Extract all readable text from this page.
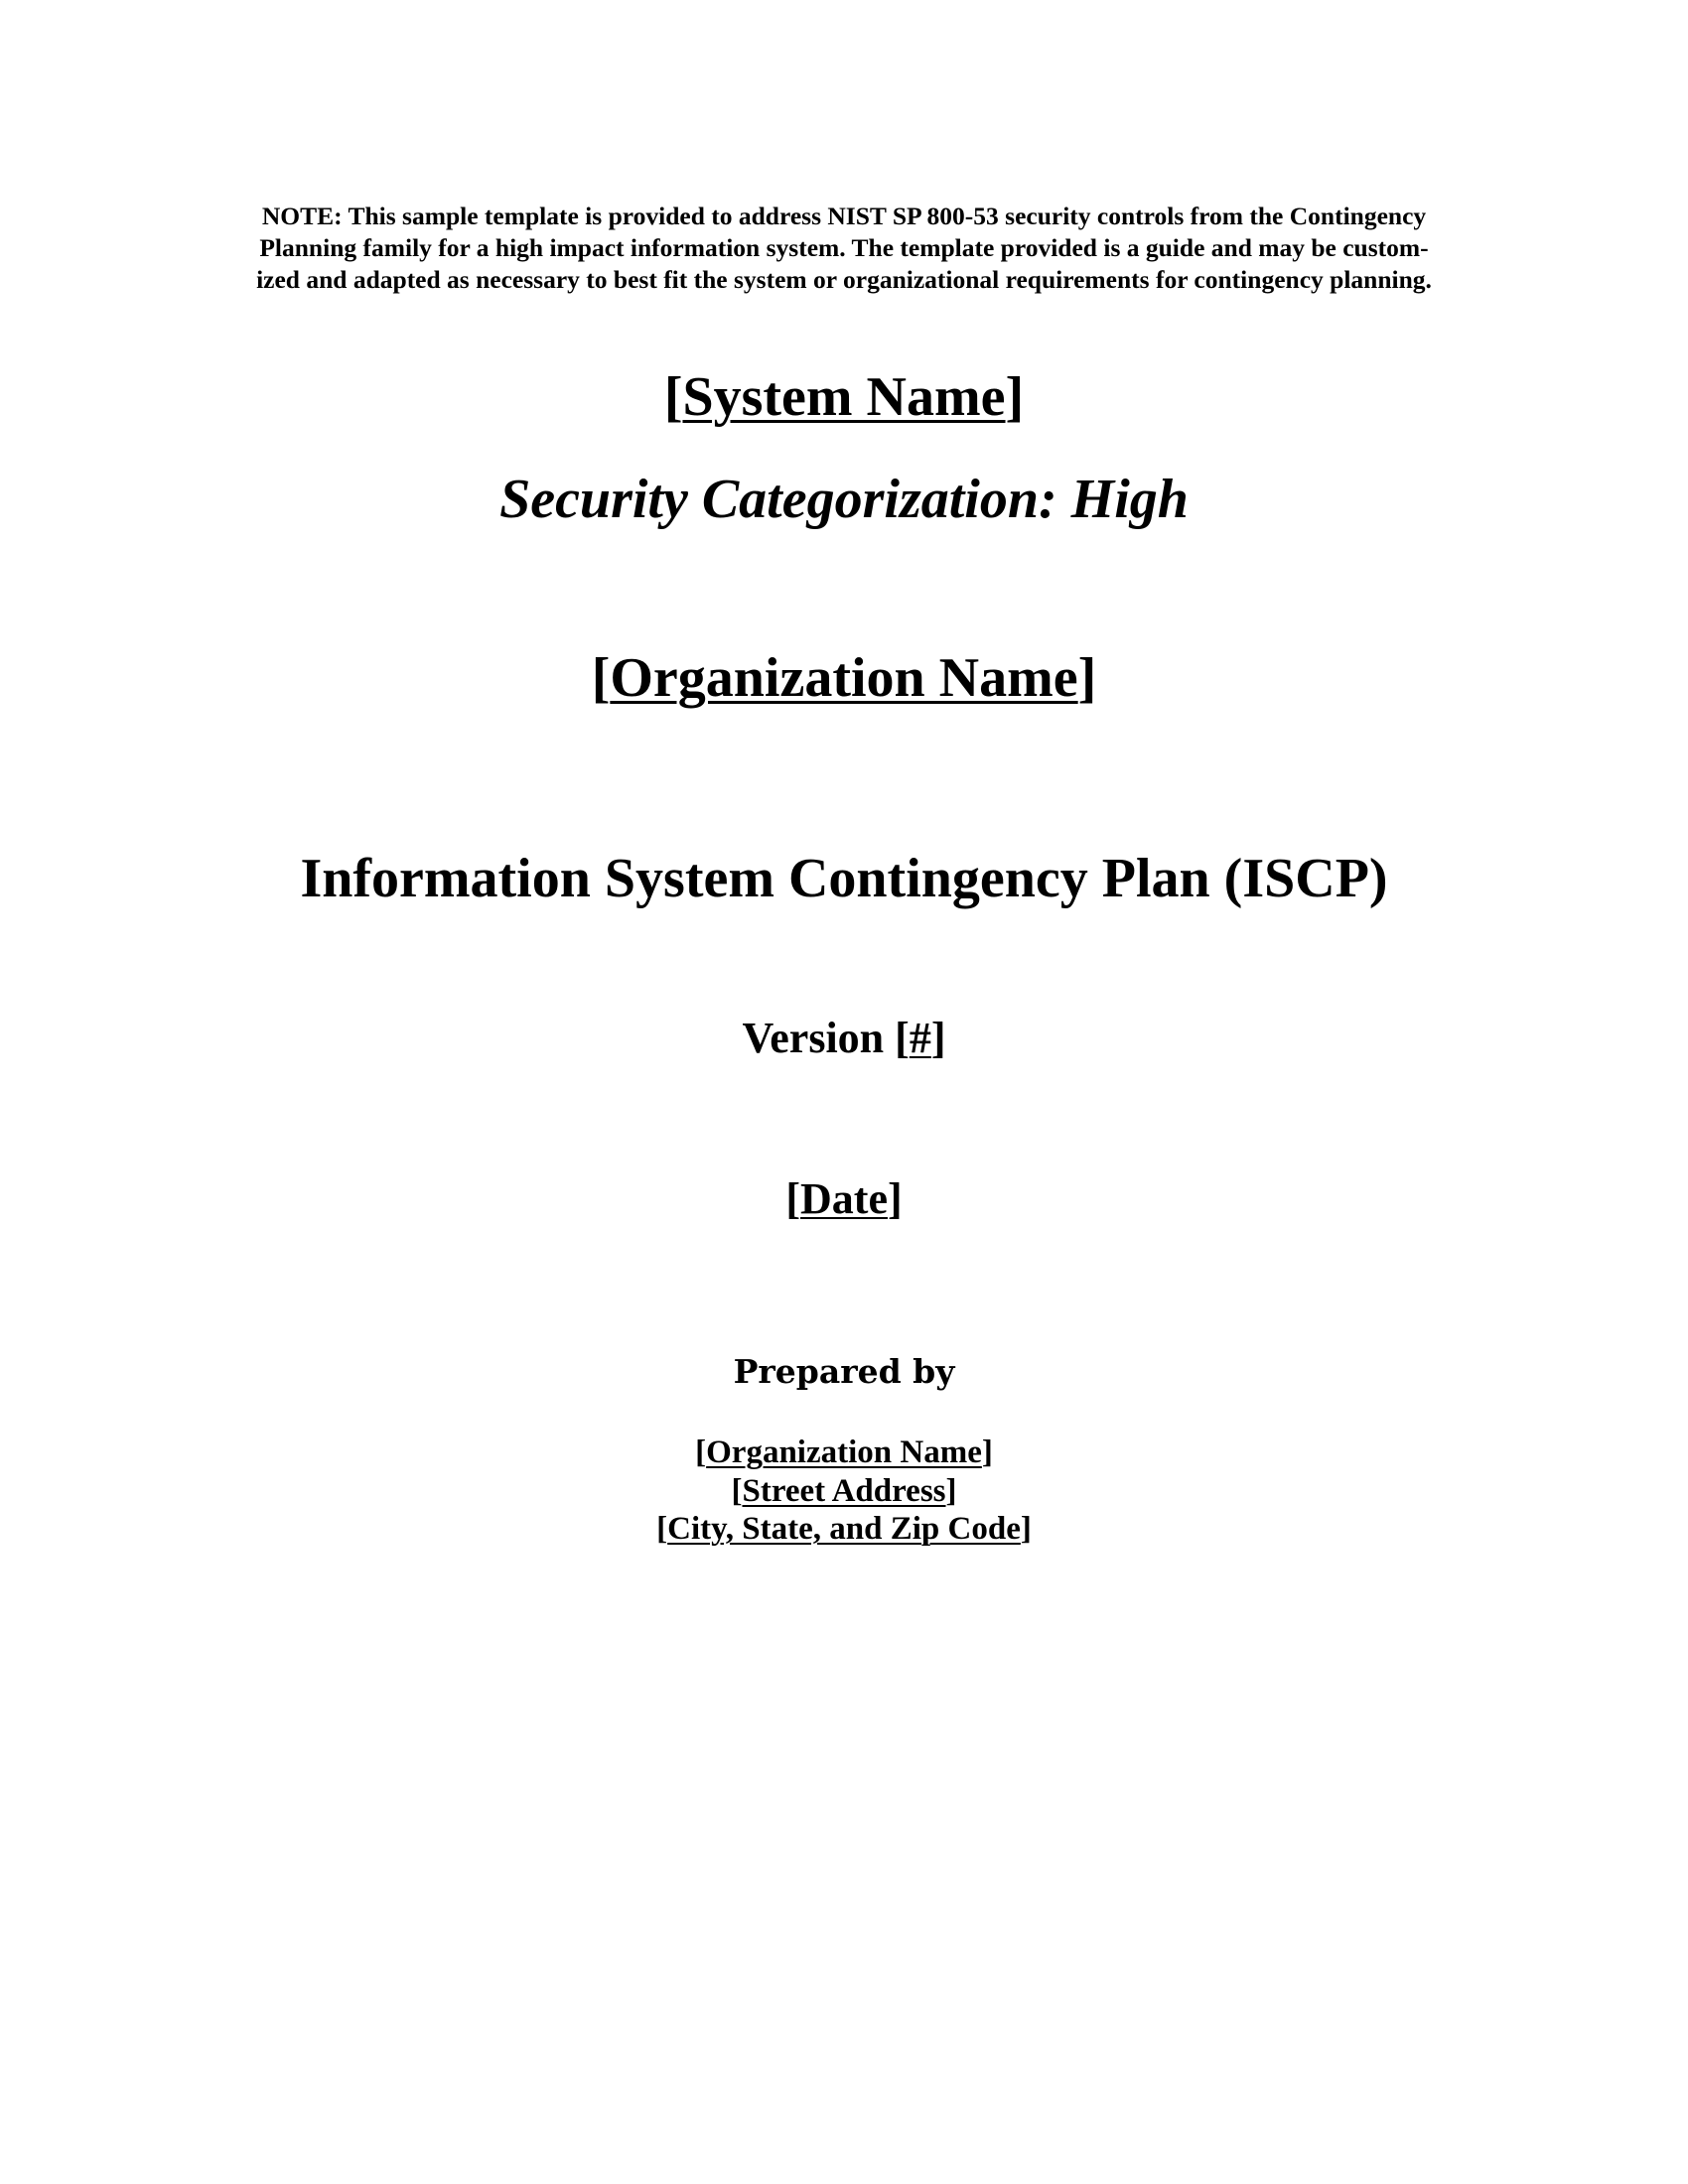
NOTE: This sample template is provided to address NIST SP 800-53 security controls from the Contingency
Planning family for a high impact information system. The template provided is a guide and may be custom-
ized and adapted as necessary to best fit the system or organizational requirements for contingency planning.
[System Name]
Security Categorization: High
[Organization Name]
Information System Contingency Plan (ISCP)
Version [#]
[Date]
Prepared by
[Organization Name]
[Street Address]
[City, State, and Zip Code]
